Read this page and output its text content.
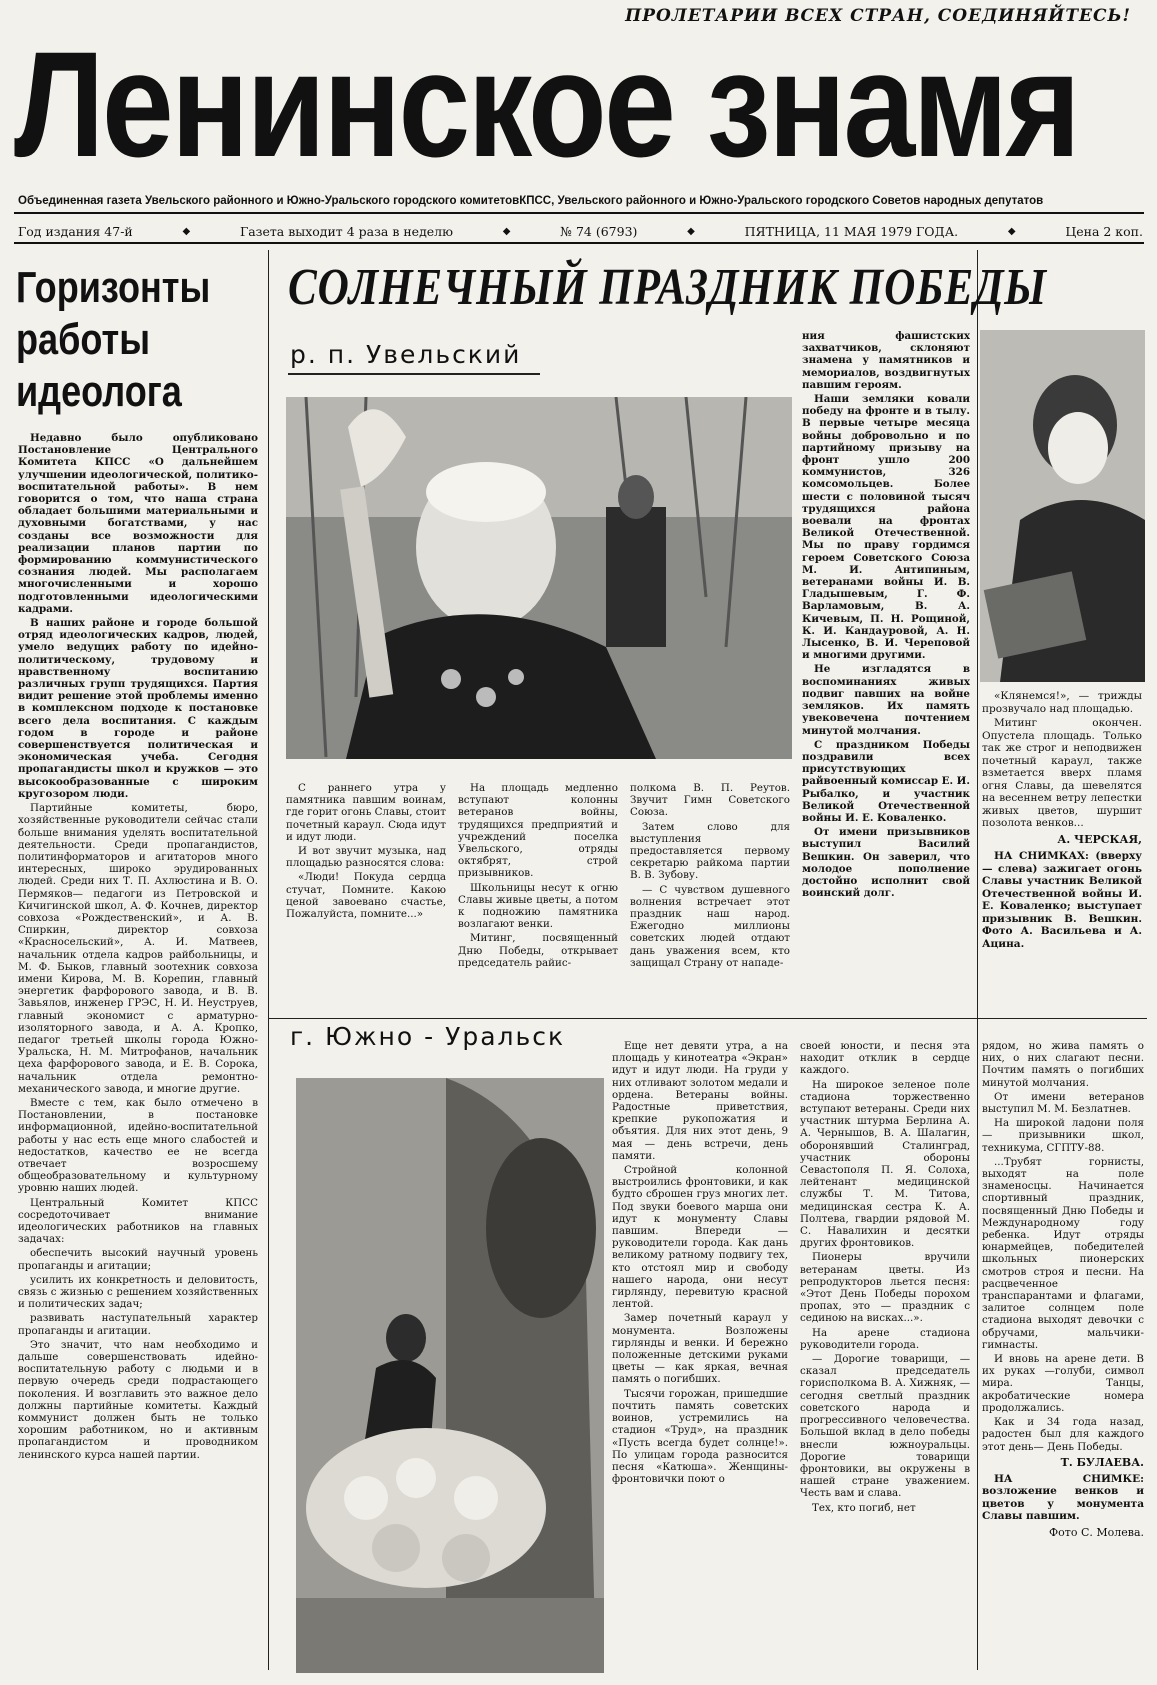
ПРОЛЕТАРИИ ВСЕХ СТРАН, СОЕДИНЯЙТЕСЬ!
Ленинское знамя
Объединенная газета Увельского районного и Южно-Уральского городского комитетовКПСС, Увельского районного и Южно-Уральского городского Советов народных депутатов
Год издания 47-й	◆	Газета выходит 4 раза в неделю	◆	№ 74 (6793)	◆	ПЯТНИЦА, 11 МАЯ 1979 ГОДА.	◆	Цена 2 коп.
Горизонты работы идеолога

Недавно было опубликовано Постановление Центрального Комитета КПСС «О дальнейшем улучшении идеологической, политико-воспитательной работы». В нем говорится о том, что наша страна обладает большими материальными и духовными богатствами, у нас созданы все возможности для реализации планов партии по формированию коммунистического сознания людей. Мы располагаем многочисленными и хорошо подготовленными идеологическими кадрами.

В наших районе и городе большой отряд идеологических кадров, людей, умело ведущих работу по идейно-политическому, трудовому и нравственному воспитанию различных групп трудящихся. Партия видит решение этой проблемы именно в комплексном подходе к постановке всего дела воспитания. С каждым годом в городе и районе совершенствуется политическая и экономическая учеба. Сегодня пропагандисты школ и кружков — это высокообразованные с широким кругозором люди.

Партийные комитеты, бюро, хозяйственные руководители сейчас стали больше внимания уделять воспитательной деятельности. Среди пропагандистов, политинформаторов и агитаторов много интересных, широко эрудированных людей. Среди них Т. П. Ахлюстина и В. О. Пермяков— педагоги из Петровской и Кичигинской школ, А. Ф. Кочнев, директор совхоза «Рождественский», и А. В. Спиркин, директор совхоза «Красносельский», А. И. Матвеев, начальник отдела кадров райбольницы, и М. Ф. Быков, главный зоотехник совхоза имени Кирова, М. В. Корепин, главный энергетик фарфорового завода, и В. В. Завьялов, инженер ГРЭС, Н. И. Неуструев, главный экономист с арматурно-изоляторного завода, и А. А. Кропко, педагог третьей школы города Южно-Уральска, Н. М. Митрофанов, начальник цеха фарфорового завода, и Е. В. Сорока, начальник отдела ремонтно- механического завода, и многие другие.

Вместе с тем, как было отмечено в Постановлении, в постановке информационной, идейно-воспитательной работы у нас есть еще много слабостей и недостатков, качество ее не всегда отвечает возросшему общеобразовательному и культурному уровню наших людей.

Центральный Комитет КПСС сосредоточивает внимание идеологических работников на главных задачах:

обеспечить высокий научный уровень пропаганды и агитации;

усилить их конкретность и деловитость, связь с жизнью с решением хозяйственных и политических задач;

развивать наступательный характер пропаганды и агитации.

Это значит, что нам необходимо и дальше совершенствовать идейно-воспитательную работу с людьми и в первую очередь среди подрастающего поколения. И возглавить это важное дело должны партийные комитеты. Каждый коммунист должен быть не только хорошим работником, но и активным пропагандистом и проводником ленинского курса нашей партии.

СОЛНЕЧНЫЙ ПРАЗДНИК ПОБЕДЫ
р. п. Увельский

ния фашистских захватчиков, склоняют знамена у памятников и мемориалов, воздвигнутых павшим героям.

Наши земляки ковали победу на фронте и в тылу. В первые четыре месяца войны добровольно и по партийному призыву на фронт ушло 200 коммунистов, 326 комсомольцев. Более шести с половиной тысяч трудящихся района воевали на фронтах Великой Отечественной. Мы по праву гордимся героем Советского Союза М. И. Антипиным, ветеранами войны И. В. Гладышевым, Г. Ф. Варламовым, В. А. Кичевым, П. Н. Рощиной, К. И. Кандауровой, А. Н. Лысенко, В. И. Череповой и многими другими.

Не изгладятся в воспоминаниях живых подвиг павших на войне земляков. Их память увековечена почтением минутой молчания.

С праздником Победы поздравили всех присутствующих райвоенный комиссар Е. И. Рыбалко, и участник Великой Отечественной войны И. Е. Коваленко.

От имени призывников выступил Василий Вешкин. Он заверил, что молодое пополнение достойно исполнит свой воинский долг.

С раннего утра у памятника павшим воинам, где горит огонь Славы, стоит почетный караул. Сюда идут и идут люди.

И вот звучит музыка, над площадью разносятся слова:

«Люди! Покуда сердца стучат, Помните. Какою ценой завоевано счастье, Пожалуйста, помните...»

На площадь медленно вступают колонны ветеранов войны, трудящихся предприятий и учреждений поселка Увельского, отряды октябрят, строй призывников.

Школьницы несут к огню Славы живые цветы, а потом к подножию памятника возлагают венки.

Митинг, посвященный Дню Победы, открывает председатель райис-

полкома В. П. Реутов. Звучит Гимн Советского Союза.

Затем слово для выступления предоставляется первому секретарю райкома партии В. В. Зубову.

— С чувством душевного волнения встречает этот праздник наш народ. Ежегодно миллионы советских людей отдают дань уважения всем, кто защищал Страну от нападе-

«Клянемся!», — трижды прозвучало над площадью.

Митинг окончен. Опустела площадь. Только так же строг и неподвижен почетный караул, также взметается вверх пламя огня Славы, да шевелятся на весеннем ветру лепестки живых цветов, шуршит позолота венков...

А. ЧЕРСКАЯ,
НА СНИМКАХ: (вверху— слева) зажигает огонь Славы участник Великой Отечественной войны И. Е. Коваленко; выступает призывник В. Вешкин. Фото А. Васильева и А. Ацина.
г. Южно - Уральск	Еще нет девяти утра, а на площадь у кинотеатра «Экран» идут и идут люди. На груди у них отливают золотом медали и ордена. Ветераны войны. Радостные приветствия, крепкие рукопожатия и объятия. Для них этот день, 9 мая — день встречи, день памяти.

Стройной колонной выстроились фронтовики, и как будто сброшен груз многих лет. Под звуки боевого марша они идут к монументу Славы павшим. Впереди — руководители города. Как дань великому ратному подвигу тех, кто отстоял мир и свободу нашего народа, они несут гирлянду, перевитую красной лентой.

Замер почетный караул у монумента. Возложены гирлянды и венки. И бережно положенные детскими руками цветы — как яркая, вечная память о погибших.

Тысячи горожан, пришедшие почтить память советских воинов, устремились на стадион «Труд», на праздник «Пусть всегда будет солнце!». По улицам города разносится песня «Катюша». Женщины-фронтовички поют о

своей юности, и песня эта находит отклик в сердце каждого.

На широкое зеленое поле стадиона торжественно вступают ветераны. Среди них участник штурма Берлина А. А. Чернышов, В. А. Шалагин, оборонявший Сталинград, участник обороны Севастополя П. Я. Солоха, лейтенант медицинской службы Т. М. Титова, медицинская сестра К. А. Полтева, гвардии рядовой М. С. Навалихин и десятки других фронтовиков.

Пионеры вручили ветеранам цветы. Из репродукторов льется песня: «Этот День Победы порохом пропах, это — праздник с сединою на висках...».

На арене стадиона руководители города.

— Дорогие товарищи, — сказал председатель горисполкома В. А. Хижняк, — сегодня светлый праздник советского народа и прогрессивного человечества. Большой вклад в дело победы внесли южноуральцы. Дорогие товарищи фронтовики, вы окружены в нашей стране уважением. Честь вам и слава.

Тех, кто погиб, нет

рядом, но жива память о них, о них слагают песни. Почтим память о погибших минутой молчания.

От имени ветеранов выступил М. М. Безлатнев.

На широкой ладони поля — призывники школ, техникума, СГПТУ-88.

...Трубят горнисты, выходят на поле знаменосцы. Начинается спортивный праздник, посвященный Дню Победы и Международному году ребенка. Идут отряды юнармейцев, победителей школьных пионерских смотров строя и песни. На расцвеченное транспарантами и флагами, залитое солнцем поле стадиона выходят девочки с обручами, мальчики-гимнасты.

И вновь на арене дети. В их руках —голуби, символ мира. Танцы, акробатические номера продолжались.

Как и 34 года назад, радостен был для каждого этот день— День Победы.

Т. БУЛАЕВА.
НА СНИМКЕ: возложение венков и цветов у монумента Славы павшим.
Фото С. Молева.
